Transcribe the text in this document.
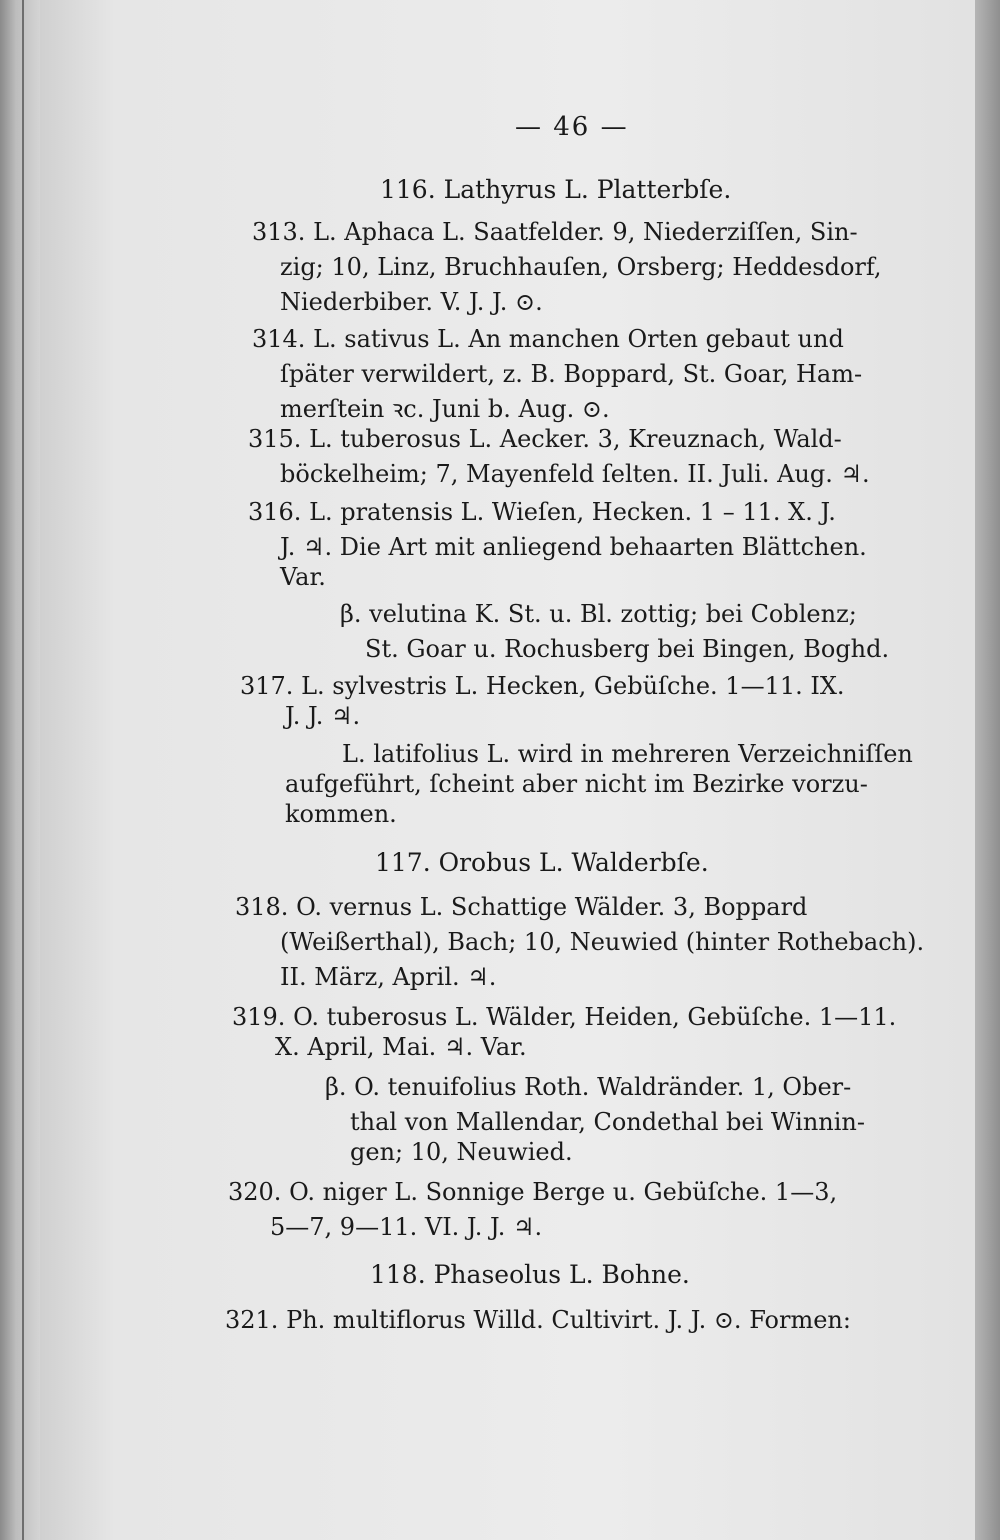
— 46 —
116. Lathyrus L. Platterbſe.
313. L. Aphaca L. Saatfelder. 9, Niederziſſen, Sin-
zig; 10, Linz, Bruchhauſen, Orsberg; Heddesdorf,
Niederbiber. V. J. J. ⊙.
314. L. sativus L. An manchen Orten gebaut und
ſpäter verwildert, z. B. Boppard, St. Goar, Ham-
merſtein ꝛc. Juni b. Aug. ⊙.
315. L. tuberosus L. Aecker. 3, Kreuznach, Wald-
böckelheim; 7, Mayenfeld ſelten. II. Juli. Aug. ♃.
316. L. pratensis L. Wieſen, Hecken. 1 – 11. X. J.
J. ♃. Die Art mit anliegend behaarten Blättchen.
Var.
β. velutina K. St. u. Bl. zottig; bei Coblenz;
St. Goar u. Rochusberg bei Bingen, Boghd.
317. L. sylvestris L. Hecken, Gebüſche. 1—11. IX.
J. J. ♃.
L. latifolius L. wird in mehreren Verzeichniſſen
aufgeführt, ſcheint aber nicht im Bezirke vorzu-
kommen.
117. Orobus L. Walderbſe.
318. O. vernus L. Schattige Wälder. 3, Boppard
(Weißerthal), Bach; 10, Neuwied (hinter Rothebach).
II. März, April. ♃.
319. O. tuberosus L. Wälder, Heiden, Gebüſche. 1—11.
X. April, Mai. ♃. Var.
β. O. tenuifolius Roth. Waldränder. 1, Ober-
thal von Mallendar, Condethal bei Winnin-
gen; 10, Neuwied.
320. O. niger L. Sonnige Berge u. Gebüſche. 1—3,
5—7, 9—11. VI. J. J. ♃.
118. Phaseolus L. Bohne.
321. Ph. multiflorus Willd. Cultivirt. J. J. ⊙. Formen:
